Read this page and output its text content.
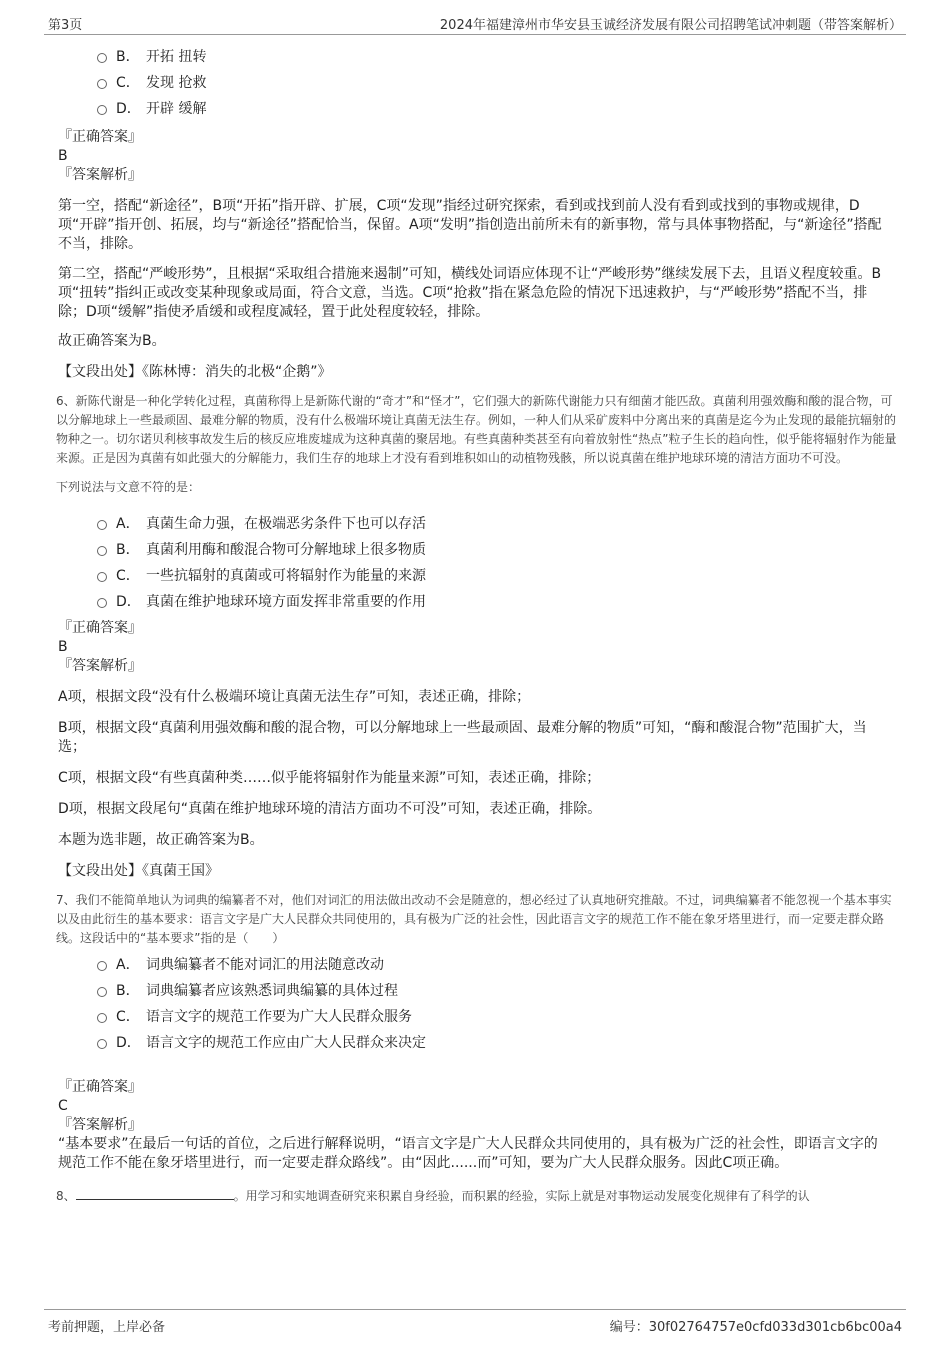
第3页	2024年福建漳州市华安县玉诚经济发展有限公司招聘笔试冲刺题（带答案解析）
B． 开拓 扭转
C． 发现 抢救
D． 开辟 缓解
『正确答案』
B
『答案解析』
第一空，搭配“新途径”，B项“开拓”指开辟、扩展，C项“发现”指经过研究探索，看到或找到前人没有看到或找到的事物或规律，D项“开辟”指开创、拓展，均与“新途径”搭配恰当，保留。A项“发明”指创造出前所未有的新事物，常与具体事物搭配，与“新途径”搭配不当，排除。
第二空，搭配“严峻形势”，且根据“采取组合措施来遏制”可知，横线处词语应体现不让“严峻形势”继续发展下去，且语义程度较重。B项“扭转”指纠正或改变某种现象或局面，符合文意，当选。C项“抢救”指在紧急危险的情况下迅速救护，与“严峻形势”搭配不当，排除；D项“缓解”指使矛盾缓和或程度减轻，置于此处程度较轻，排除。
故正确答案为B。
【文段出处】《陈林博：消失的北极“企鹅”》
6、新陈代谢是一种化学转化过程，真菌称得上是新陈代谢的“奇才”和“怪才”，它们强大的新陈代谢能力只有细菌才能匹敌。真菌利用强效酶和酸的混合物，可以分解地球上一些最顽固、最难分解的物质，没有什么极端环境让真菌无法生存。例如，一种人们从采矿废料中分离出来的真菌是迄今为止发现的最能抗辐射的物种之一。切尔诺贝利核事故发生后的核反应堆废墟成为这种真菌的聚居地。有些真菌种类甚至有向着放射性“热点”粒子生长的趋向性，似乎能将辐射作为能量来源。正是因为真菌有如此强大的分解能力，我们生存的地球上才没有看到堆积如山的动植物残骸，所以说真菌在维护地球环境的清洁方面功不可没。
下列说法与文意不符的是：
A． 真菌生命力强，在极端恶劣条件下也可以存活
B． 真菌利用酶和酸混合物可分解地球上很多物质
C． 一些抗辐射的真菌或可将辐射作为能量的来源
D． 真菌在维护地球环境方面发挥非常重要的作用
『正确答案』
B
『答案解析』
A项，根据文段“没有什么极端环境让真菌无法生存”可知，表述正确，排除；
B项，根据文段“真菌利用强效酶和酸的混合物，可以分解地球上一些最顽固、最难分解的物质”可知，“酶和酸混合物”范围扩大，当选；
C项，根据文段“有些真菌种类……似乎能将辐射作为能量来源”可知，表述正确，排除；
D项，根据文段尾句“真菌在维护地球环境的清洁方面功不可没”可知，表述正确，排除。
本题为选非题，故正确答案为B。
【文段出处】《真菌王国》
7、我们不能简单地认为词典的编纂者不对，他们对词汇的用法做出改动不会是随意的，想必经过了认真地研究推敲。不过，词典编纂者不能忽视一个基本事实以及由此衍生的基本要求：语言文字是广大人民群众共同使用的，具有极为广泛的社会性，因此语言文字的规范工作不能在象牙塔里进行，而一定要走群众路线。这段话中的“基本要求”指的是（　　）
A． 词典编纂者不能对词汇的用法随意改动
B． 词典编纂者应该熟悉词典编纂的具体过程
C． 语言文字的规范工作要为广大人民群众服务
D． 语言文字的规范工作应由广大人民群众来决定
『正确答案』
C
『答案解析』
“基本要求”在最后一句话的首位，之后进行解释说明，“语言文字是广大人民群众共同使用的，具有极为广泛的社会性，即语言文字的规范工作不能在象牙塔里进行，而一定要走群众路线”。由“因此......而”可知，要为广大人民群众服务。因此C项正确。
8、	。用学习和实地调查研究来积累自身经验，而积累的经验，实际上就是对事物运动发展变化规律有了科学的认
考前押题，上岸必备	编号：30f02764757e0cfd033d301cb6bc00a4
